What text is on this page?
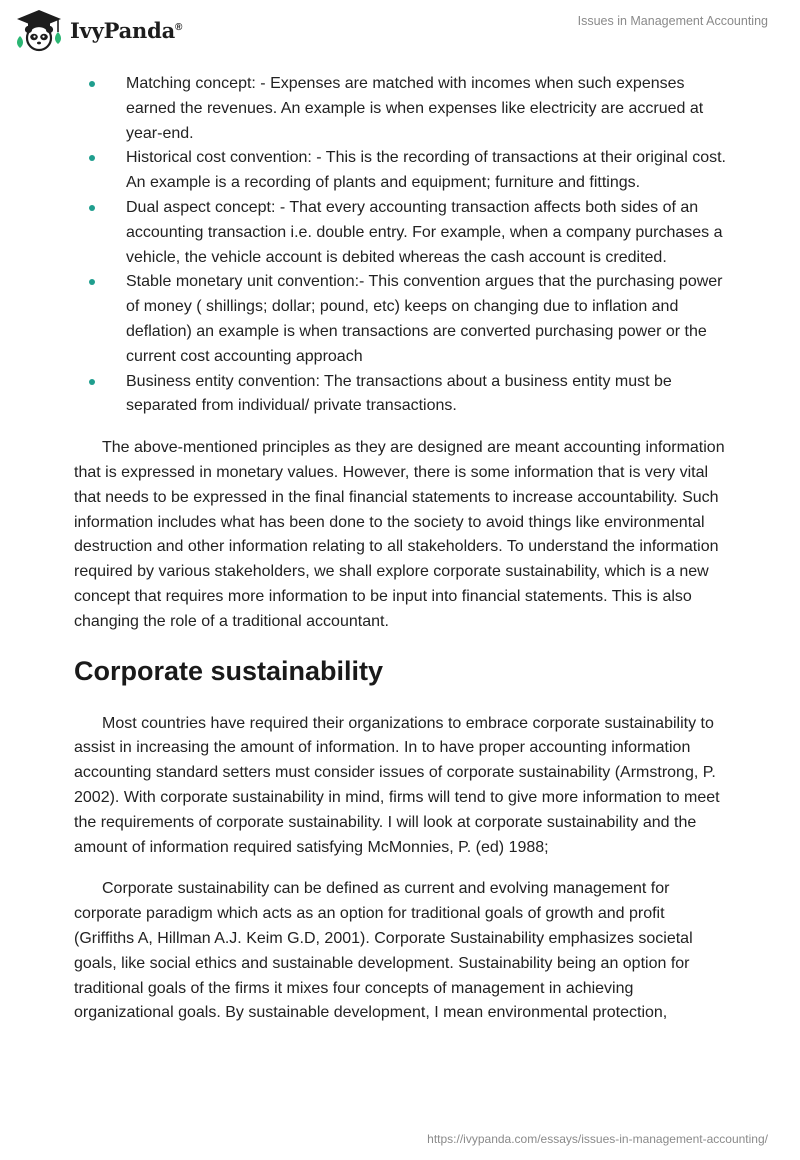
IvyPanda®	Issues in Management Accounting
Matching concept: - Expenses are matched with incomes when such expenses earned the revenues. An example is when expenses like electricity are accrued at year-end.
Historical cost convention: - This is the recording of transactions at their original cost. An example is a recording of plants and equipment; furniture and fittings.
Dual aspect concept: - That every accounting transaction affects both sides of an accounting transaction i.e. double entry. For example, when a company purchases a vehicle, the vehicle account is debited whereas the cash account is credited.
Stable monetary unit convention:- This convention argues that the purchasing power of money ( shillings; dollar; pound, etc) keeps on changing due to inflation and deflation) an example is when transactions are converted purchasing power or the current cost accounting approach
Business entity convention: The transactions about a business entity must be separated from individual/ private transactions.

The above-mentioned principles as they are designed are meant accounting information that is expressed in monetary values. However, there is some information that is very vital that needs to be expressed in the final financial statements to increase accountability. Such information includes what has been done to the society to avoid things like environmental destruction and other information relating to all stakeholders. To understand the information required by various stakeholders, we shall explore corporate sustainability, which is a new concept that requires more information to be input into financial statements. This is also changing the role of a traditional accountant.

Corporate sustainability

Most countries have required their organizations to embrace corporate sustainability to assist in increasing the amount of information. In to have proper accounting information accounting standard setters must consider issues of corporate sustainability (Armstrong, P. 2002). With corporate sustainability in mind, firms will tend to give more information to meet the requirements of corporate sustainability. I will look at corporate sustainability and the amount of information required satisfying McMonnies, P. (ed) 1988;

Corporate sustainability can be defined as current and evolving management for corporate paradigm which acts as an option for traditional goals of growth and profit (Griffiths A, Hillman A.J. Keim G.D, 2001). Corporate Sustainability emphasizes societal goals, like social ethics and sustainable development. Sustainability being an option for traditional goals of the firms it mixes four concepts of management in achieving organizational goals. By sustainable development, I mean environmental protection,

https://ivypanda.com/essays/issues-in-management-accounting/
